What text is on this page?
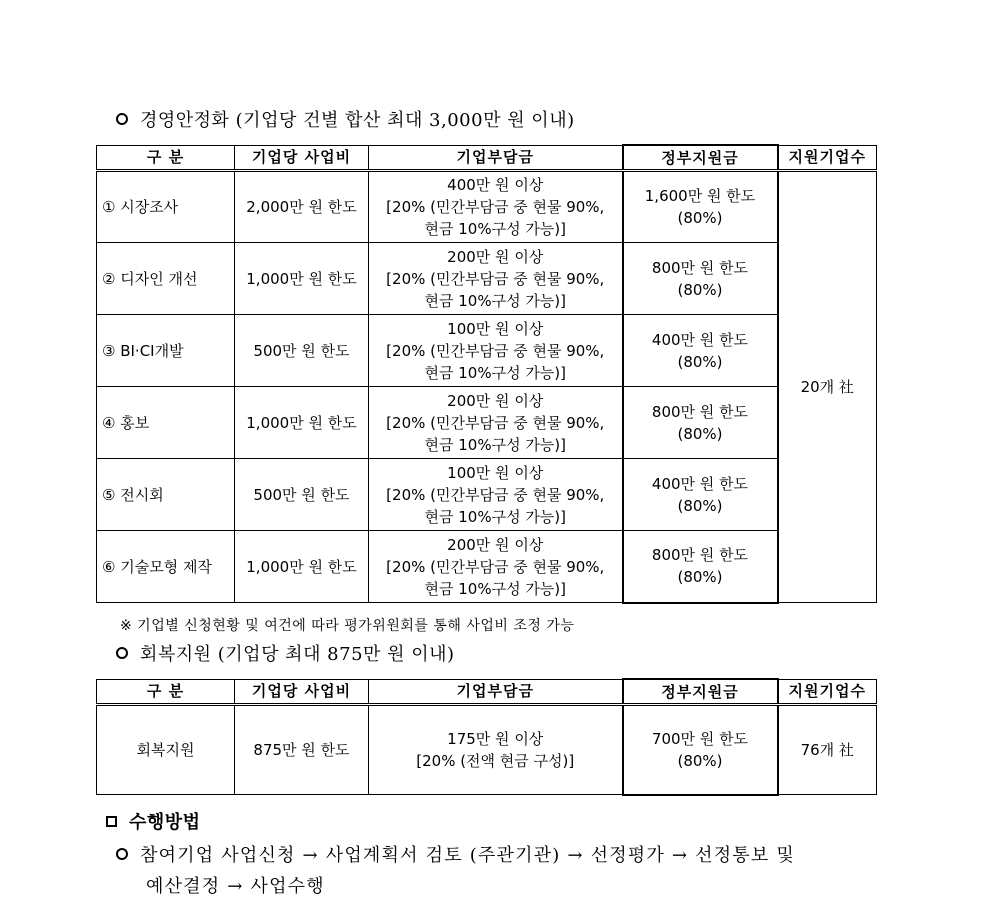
경영안정화 (기업당 건별 합산 최대 3,000만 원 이내)
구 분	기업당 사업비	기업부담금	정부지원금	지원기업수
① 시장조사	2,000만 원 한도	400만 원 이상
[20% (민간부담금 중 현물 90%,
현금 10%구성 가능)]	1,600만 원 한도
(80%)	20개 社
② 디자인 개선	1,000만 원 한도	200만 원 이상
[20% (민간부담금 중 현물 90%,
현금 10%구성 가능)]	800만 원 한도
(80%)	

③ BI·CI개발	500만 원 한도	100만 원 이상
[20% (민간부담금 중 현물 90%,
현금 10%구성 가능)]	400만 원 한도
(80%)	

④ 홍보	1,000만 원 한도	200만 원 이상
[20% (민간부담금 중 현물 90%,
현금 10%구성 가능)]	800만 원 한도
(80%)	

⑤ 전시회	500만 원 한도	100만 원 이상
[20% (민간부담금 중 현물 90%,
현금 10%구성 가능)]	400만 원 한도
(80%)	

⑥ 기술모형 제작	1,000만 원 한도	200만 원 이상
[20% (민간부담금 중 현물 90%,
현금 10%구성 가능)]	800만 원 한도
(80%)	
※ 기업별 신청현황 및 여건에 따라 평가위원회를 통해 사업비 조정 가능
회복지원 (기업당 최대 875만 원 이내)
구 분	기업당 사업비	기업부담금	정부지원금	지원기업수
회복지원	875만 원 한도	175만 원 이상
[20% (전액 현금 구성)]	700만 원 한도
(80%)	76개 社
수행방법
참여기업 사업신청 → 사업계획서 검토 (주관기관) → 선정평가 → 선정통보 및
예산결정 → 사업수행
